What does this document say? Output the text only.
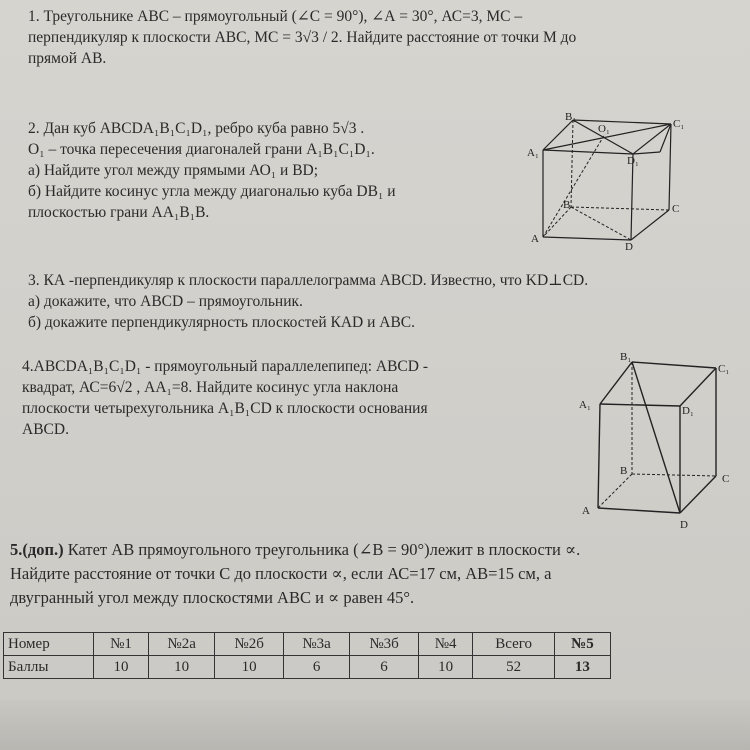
1. Треугольнике АВС – прямоугольный (∠С = 90°), ∠А = 30°, АС=3, МС –
перпендикуляр к плоскости АВС, МС = 3√3 / 2. Найдите расстояние от точки М до
прямой АВ.
2. Дан куб ABCDA₁B₁C₁D₁, ребро куба равно 5√3 .
О₁ – точка пересечения диагоналей грани А₁В₁С₁D₁.
а) Найдите угол между прямыми АО₁ и BD;
б) Найдите косинус угла между диагональю куба DB₁ и
плоскостью грани АА₁В₁В.
B₁
C₁
A₁
D₁
O₁
B	C
A
D
3. КА -перпендикуляр к плоскости параллелограмма ABCD. Известно, что KD⊥CD.
а) докажите, что ABCD – прямоугольник.
б) докажите перпендикулярность плоскостей КАD и АВС.
4.ABCDA₁B₁C₁D₁ - прямоугольный параллелепипед: ABCD -
квадрат, АС=6√2 , АА₁=8. Найдите косинус угла наклона
плоскости четырехугольника А₁В₁CD к плоскости основания
ABCD.
B₁
C₁
A₁	D₁
B
C
A
D
5.(доп.) Катет АВ прямоугольного треугольника (∠В = 90°)лежит в плоскости ∝.
Найдите расстояние от точки С до плоскости ∝, если АС=17 см, АВ=15 см, а
двугранный угол между плоскостями АВС и ∝ равен 45°.
Номер	№1	№2а	№2б	№3а	№3б	№4	Всего	№5
Баллы	10	10	10	6	6	10	52	13
